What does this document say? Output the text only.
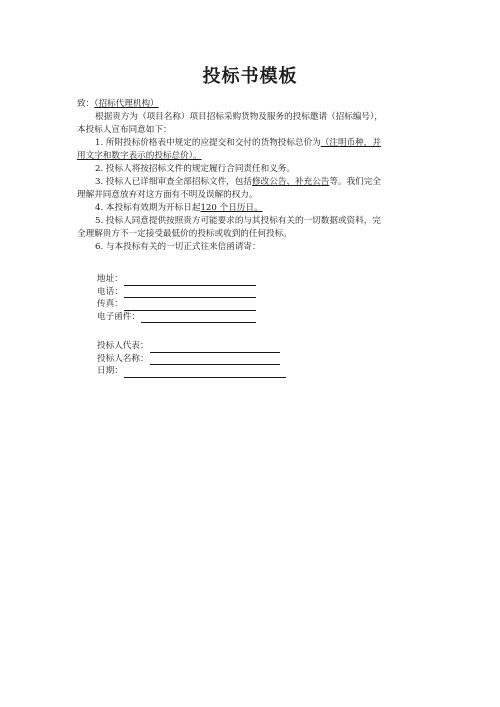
投标书模板
致：（招标代理机构）
根据贵方为（项目名称）项目招标采购货物及服务的投标邀请（招标编号），
本投标人宣布同意如下：
1. 所附投标价格表中规定的应提交和交付的货物投标总价为（注明币种，并
用文字和数字表示的投标总价）。
2. 投标人将按招标文件的规定履行合同责任和义务。
3. 投标人已详细审查全部招标文件，包括修改公告、补充公告等。我们完全
理解并同意放弃对这方面有不明及误解的权力。
4. 本投标有效期为开标日起120 个日历日。
5. 投标人同意提供按照贵方可能要求的与其投标有关的一切数据或资料，完
全理解贵方不一定接受最低价的投标或收到的任何投标。
6. 与本投标有关的一切正式往来信函请寄：
地址：
电话：
传真：
电子函件：
投标人代表：
投标人名称：
日期：
